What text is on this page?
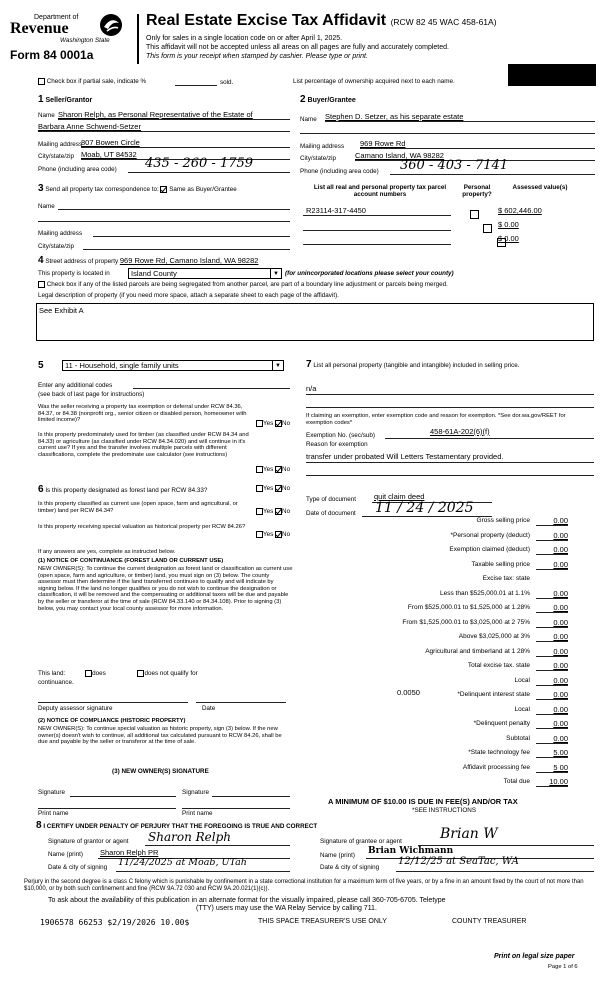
Department of
Revenue
Washington State
Form 84 0001a
Real Estate Excise Tax Affidavit (RCW 82 45 WAC 458-61A)
Only for sales in a single location code on or after April 1, 2025.
This affidavit will not be accepted unless all areas on all pages are fully and accurately completed.
This form is your receipt when stamped by cashier. Please type or print.
Check box if partial sale, indicate %	sold.	List percentage of ownership acquired next to each name.
1 Seller/Grantor
Name Sharon Relph, as Personal Representative of the Estate of
Barbara Anne Schwend-Setzer
Mailing address
807 Bowen Circle
City/state/zip Moab, UT 84532
Phone (including area code) 435 - 260 - 1759
2 Buyer/Grantee
Name Stephen D. Setzer, as his separate estate
Mailing address 969 Rowe Rd
City/state/zip	Camano Island, WA 98282
Phone (including area code) 360 - 403 - 7141
3 Send all property tax correspondence to: Same as Buyer/Grantee
Name
Mailing address
City/state/zip
List all real and personal property tax parcel account numbers
Personal property?
Assessed value(s)
R23114-317-4450
	$ 602,446.00
$ 0.00
$ 0.00
4 Street address of property 969 Rowe Rd, Camano Island, WA 98282
This property is located in	Island County	▼ (for unincorporated locations please select your county)
Check box if any of the listed parcels are being segregated from another parcel, are part of a boundary line adjustment or parcels being merged.
Legal description of property (if you need more space, attach a separate sheet to each page of the affidavit).
See Exhibit A
5	11 - Household, single family units	▼
Enter any additional codes
(see back of last page for instructions)
Was the seller receiving a property tax exemption or deferral under RCW 84.36, 84.37, or 84.38 (nonprofit org., senior citizen or disabled person, homeowner with limited income)?	Yes No
Is this property predominately used for timber (as classified under RCW 84.34 and 84.33) or agriculture (as classified under RCW 84.34.020) and will continue in it's current use? If yes and the transfer involves multiple parcels with different classifications, complete the predominate use calculator (see instructions)
Yes No
6 Is this property designated as forest land per RCW 84.33?	Yes No
Is this property classified as current use (open space, farm and agricultural, or timber) land per RCW 84.34?	Yes No
Is this property receiving special valuation as historical property per RCW 84.26?
Yes No
If any answers are yes, complete as instructed below.
(1) NOTICE OF CONTINUANCE (FOREST LAND OR CURRENT USE)
NEW OWNER(S): To continue the current designation as forest land or classification as current use (open space, farm and agriculture, or timber) land, you must sign on (3) below. The county assessor must then determine if the land transferred continues to qualify and will indicate by signing below. If the land no longer qualifies or you do not wish to continue the designation or classification, it will be removed and the compensating or additional taxes will be due and payable by the seller or transferor at the time of sale (RCW 84.33.140 or 84.34.108). Prior to signing (3) below, you may contact your local county assessor for more information.
This land:	does	does not qualify for
continuance.
Deputy assessor signature	Date
(2) NOTICE OF COMPLIANCE (HISTORIC PROPERTY)
NEW OWNER(S): To continue special valuation as historic property, sign (3) below. If the new owner(s) doesn't wish to continue, all additional tax calculated pursuant to RCW 84.26, shall be due and payable by the seller or transferor at the time of sale.
(3) NEW OWNER(S) SIGNATURE
Signature	Signature
Print name	Print name
7 List all personal property (tangible and intangible) included in selling price.
n/a
If claiming an exemption, enter exemption code and reason for exemption. *See dor.wa.gov/REET for exemption codes*
Exemption No. (sec/sub)	458-61A-202(6)(f)
Reason for exemption
transfer under probated Will Letters Testamentary provided.
Type of document quit claim deed
Date of document 11 / 24 / 2025
Gross selling price	0.00
*Personal property (deduct)	0.00
Exemption claimed (deduct)	0.00
Taxable selling price	0.00
Excise tax: state
Less than $525,000.01 at 1.1%	0.00
From $525,000.01 to $1,525,000 at 1.28%	0.00
From $1,525,000.01 to $3,025,000 at 2 75%	0.00
Above $3,025,000 at 3%	0.00
Agricultural and timberland at 1 28%	0.00
Total excise tax. state	0.00
Local	0.00
*Delinquent interest state	0.00
Local	0.00
*Delinquent penalty	0.00
Subtotal	0.00
*State technology fee	5.00
Affidavit processing fee	5 00
Total due	10.00
0.0050
A MINIMUM OF $10.00 IS DUE IN FEE(S) AND/OR TAX
*SEE INSTRUCTIONS
8 I CERTIFY UNDER PENALTY OF PERJURY THAT THE FOREGOING IS TRUE AND CORRECT
Signature of grantor or agent Sharon Relph
Name (print) Sharon Relph PR
Date & city of signing 11/24/2025 at Moab, UTah
Signature of grantee or agent	Brian W
Name (print) Brian Wichmann
Date & city of signing
12/12/25 at SeaTac, WA
Perjury in the second degree is a class C felony which is punishable by confinement in a state correctional institution for a maximum term of five years, or by a fine in an amount fixed by the court of not more than $10,000, or by both such confinement and fine (RCW 9A.72 030 and RCW 9A.20.021(1)(c)).
To ask about the availability of this publication in an alternate format for the visually impaired, please call 360-705-6705. Teletype
(TTY) users may use the WA Relay Service by calling 711.
1906578 66253 $2/19/2026 10.00$	THIS SPACE TREASURER'S USE ONLY	COUNTY TREASURER
Print on legal size paper
Page 1 of 6
